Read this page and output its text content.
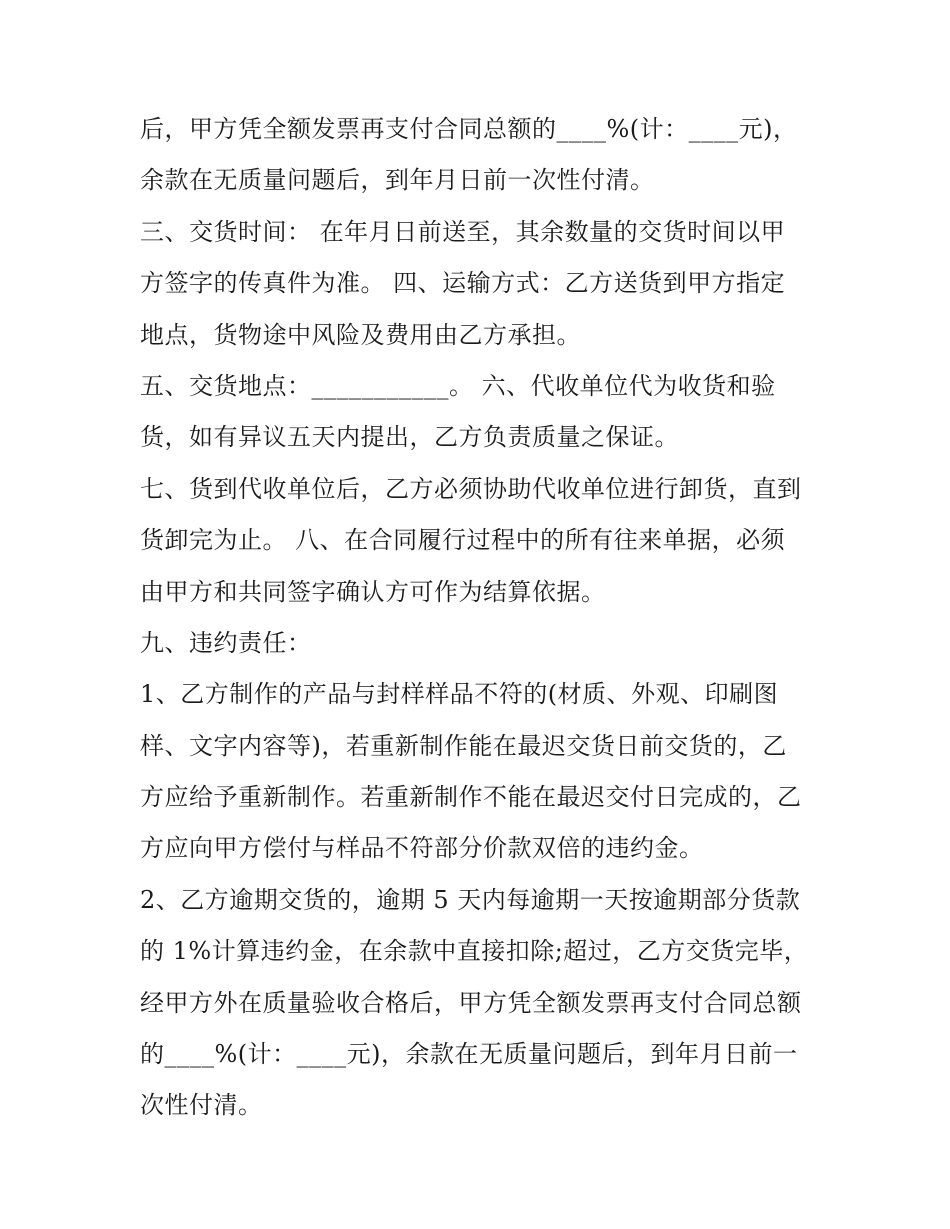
后，甲方凭全额发票再支付合同总额的____%(计：____元)，
余款在无质量问题后，到年月日前一次性付清。
三、交货时间： 在年月日前送至，其余数量的交货时间以甲
方签字的传真件为准。 四、运输方式：乙方送货到甲方指定
地点，货物途中风险及费用由乙方承担。
五、交货地点：___________。 六、代收单位代为收货和验
货，如有异议五天内提出，乙方负责质量之保证。
七、货到代收单位后，乙方必须协助代收单位进行卸货，直到
货卸完为止。 八、在合同履行过程中的所有往来单据，必须
由甲方和共同签字确认方可作为结算依据。
九、违约责任：
1、乙方制作的产品与封样样品不符的(材质、外观、印刷图
样、文字内容等)，若重新制作能在最迟交货日前交货的，乙
方应给予重新制作。若重新制作不能在最迟交付日完成的，乙
方应向甲方偿付与样品不符部分价款双倍的违约金。
2、乙方逾期交货的，逾期 5 天内每逾期一天按逾期部分货款
的 1%计算违约金，在余款中直接扣除;超过，乙方交货完毕，
经甲方外在质量验收合格后，甲方凭全额发票再支付合同总额
的____%(计：____元)，余款在无质量问题后，到年月日前一
次性付清。
